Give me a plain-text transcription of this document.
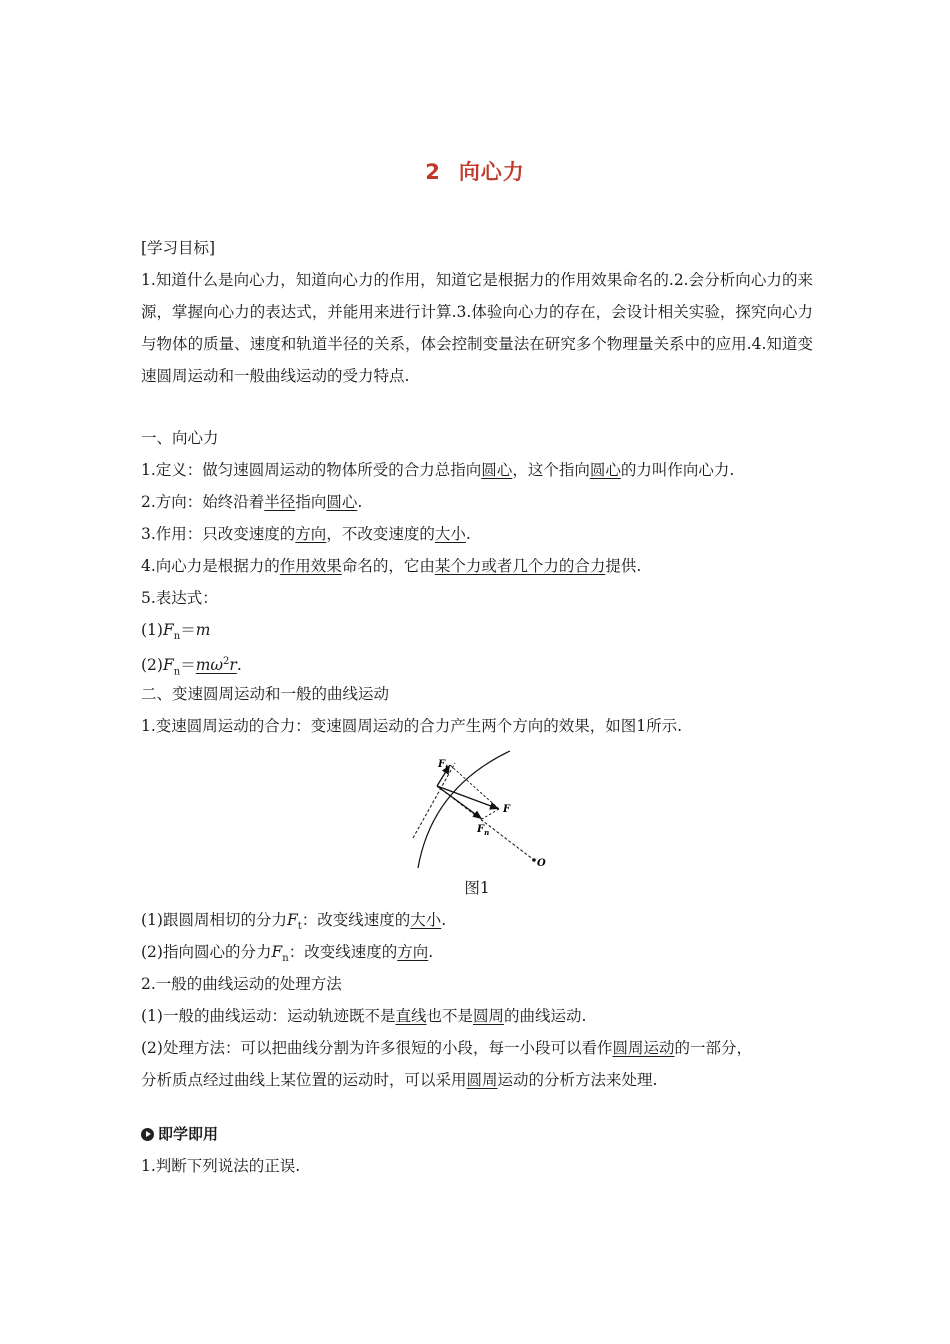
2 向心力
[学习目标]
1.知道什么是向心力，知道向心力的作用，知道它是根据力的作用效果命名的.2.会分析向心力的来源，掌握向心力的表达式，并能用来进行计算.3.体验向心力的存在，会设计相关实验，探究向心力与物体的质量、速度和轨道半径的关系，体会控制变量法在研究多个物理量关系中的应用.4.知道变速圆周运动和一般曲线运动的受力特点.
一、向心力
1.定义：做匀速圆周运动的物体所受的合力总指向圆心，这个指向圆心的力叫作向心力.
2.方向：始终沿着半径指向圆心.
3.作用：只改变速度的方向，不改变速度的大小.
4.向心力是根据力的作用效果命名的，它由某个力或者几个力的合力提供.
5.表达式：
$(1)F_n=m$
$(2)F_n=m\omega^2r$.
二、变速圆周运动和一般的曲线运动
1.变速圆周运动的合力：变速圆周运动的合力产生两个方向的效果，如图1所示.
$F_t$
F
$F_n$
O
图1
(1)跟圆周相切的分力$F_t$：改变线速度的大小.
(2)指向圆心的分力$F_n$：改变线速度的方向.
2.一般的曲线运动的处理方法
(1)一般的曲线运动：运动轨迹既不是直线也不是圆周的曲线运动.
(2)处理方法：可以把曲线分割为许多很短的小段，每一小段可以看作圆周运动的一部分，
分析质点经过曲线上某位置的运动时，可以采用圆周运动的分析方法来处理.
即学即用
1.判断下列说法的正误.
